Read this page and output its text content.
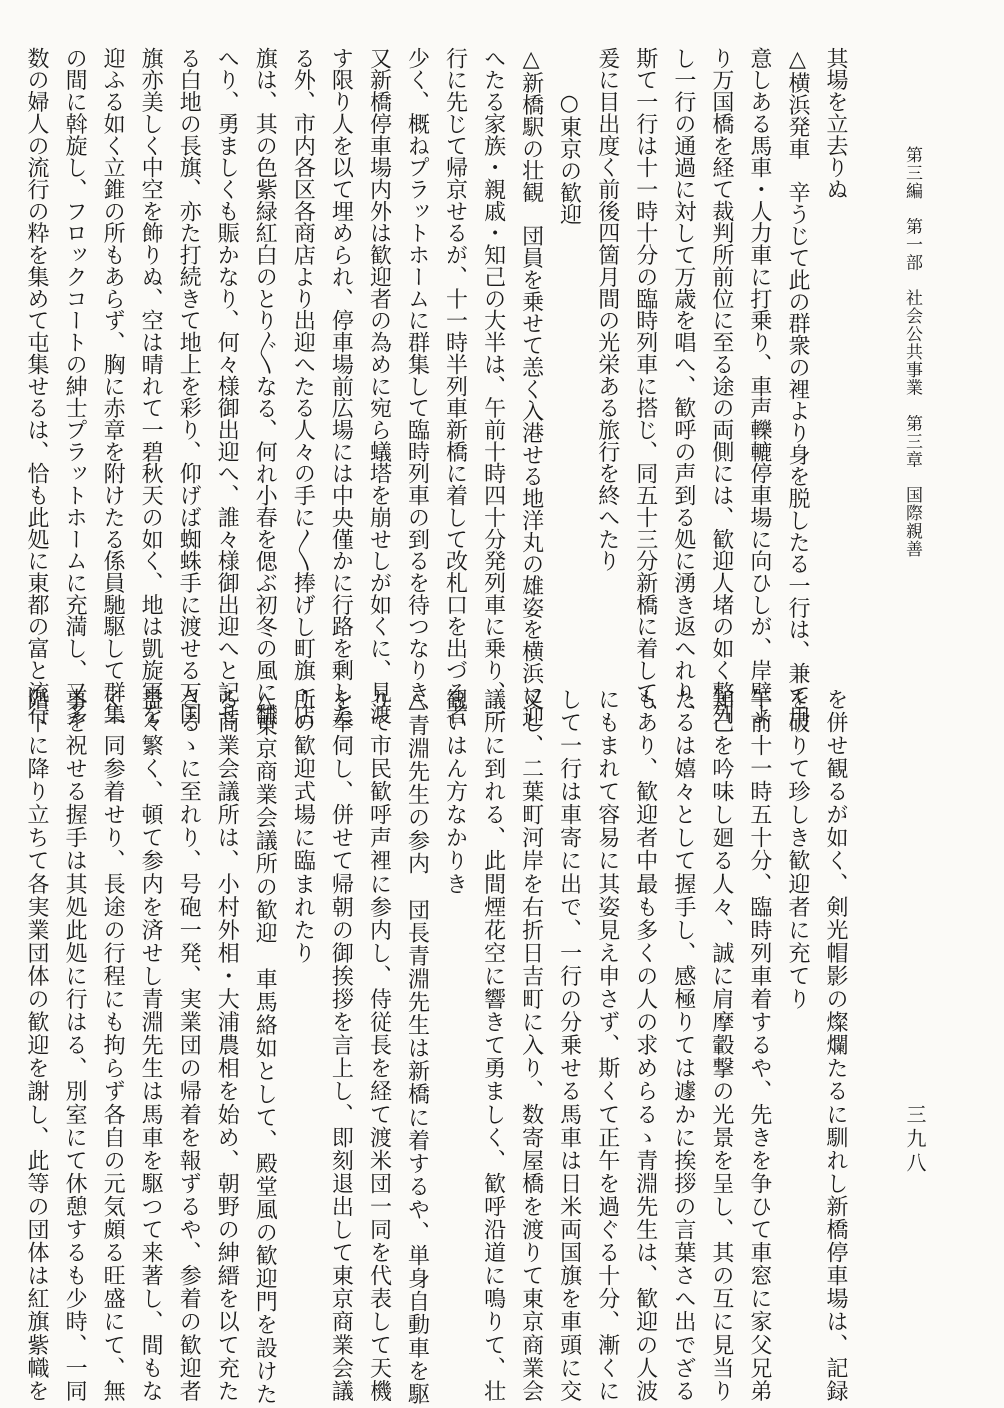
第三編　第一部　社会公共事業　第三章　国際親善
三九八
其場を立去りぬ
△横浜発車　辛うじて此の群衆の裡より身を脱したる一行は、兼て用
意しある馬車・人力車に打乗り、車声轢轆停車場に向ひしが、岸壁よ
り万国橋を経て裁判所前位に至る途の両側には、歓迎人堵の如く整列
し一行の通過に対して万歳を唱へ、歓呼の声到る処に湧き返へれり、
斯て一行は十一時十分の臨時列車に搭じ、同五十三分新橋に着して、
爰に目出度く前後四箇月間の光栄ある旅行を終へたり
○東京の歓迎
△新橋駅の壮観　団員を乗せて恙く入港せる地洋丸の雄姿を横浜に迎
へたる家族・親戚・知己の大半は、午前十時四十分発列車に乗り、一
行に先じて帰京せるが、十一時半列車新橋に着して改札口を出づる者
少く、概ねプラットホームに群集して臨時列車の到るを待つなりき、
又新橋停車場内外は歓迎者の為めに宛ら蟻塔を崩せしが如くに、見渡
す限り人を以て埋められ、停車場前広場には中央僅かに行路を剰した
る外、市内各区各商店より出迎へたる人々の手に〳〵捧げし町旗・店
旗は、其の色紫緑紅白のとり〴〵なる、何れ小春を偲ぶ初冬の風に飜
へり、勇ましくも賑かなり、何々様御出迎へ、誰々様御出迎へと記せ
る白地の長旗、亦た打続きて地上を彩り、仰げば蜘蛛手に渡せる万国
旗亦美しく中空を飾りぬ、空は晴れて一碧秋天の如く、地は凱旋軍を
迎ふる如く立錐の所もあらず、胸に赤章を附けたる係員馳駆して群集
の間に斡旋し、フロックコートの紳士プラットホームに充満し、又多
数の婦人の流行の粋を集めて屯集せるは、恰も此処に東都の富と流行
を併せ観るが如く、剣光帽影の燦爛たるに馴れし新橋停車場は、記録
を破りて珍しき歓迎者に充てり
午前十一時五十分、臨時列車着するや、先きを争ひて車窓に家父兄弟
知己を吟味し廻る人々、誠に肩摩轂撃の光景を呈し、其の互に見当り
たるは嬉々として握手し、感極りては遽かに挨拶の言葉さへ出でざる
もあり、歓迎者中最も多くの人の求めらるゝ青淵先生は、歓迎の人波
にもまれて容易に其姿見え申さず、斯くて正午を過ぐる十分、漸くに
して一行は車寄に出で、一行の分乗せる馬車は日米両国旗を車頭に交
叉し、二葉町河岸を右折日吉町に入り、数寄屋橋を渡りて東京商業会
議所に到れる、此間煙花空に響きて勇ましく、歓呼沿道に鳴りて、壮
観いはん方なかりき
△青淵先生の参内　団長青淵先生は新橋に着するや、単身自動車を駆
りて市民歓呼声裡に参内し、侍従長を経て渡米団一同を代表して天機
を奉伺し、併せて帰朝の御挨拶を言上し、即刻退出して東京商業会議
所の歓迎式場に臨まれたり
△東京商業会議所の歓迎　車馬絡如として、殿堂風の歓迎門を設けた
る商業会議所は、小村外相・大浦農相を始め、朝野の紳縉を以て充た
さるゝに至れり、号砲一発、実業団の帰着を報ずるや、参着の歓迎者
益々繁く、頓て参内を済せし青淵先生は馬車を駆つて来著し、間もな
く一同参着せり、長途の行程にも拘らず各自の元気頗る旺盛にて、無
事を祝せる握手は其処此処に行はる、別室にて休憩するも少時、一同
階下に降り立ちて各実業団体の歓迎を謝し、此等の団体は紅旗紫幟を
